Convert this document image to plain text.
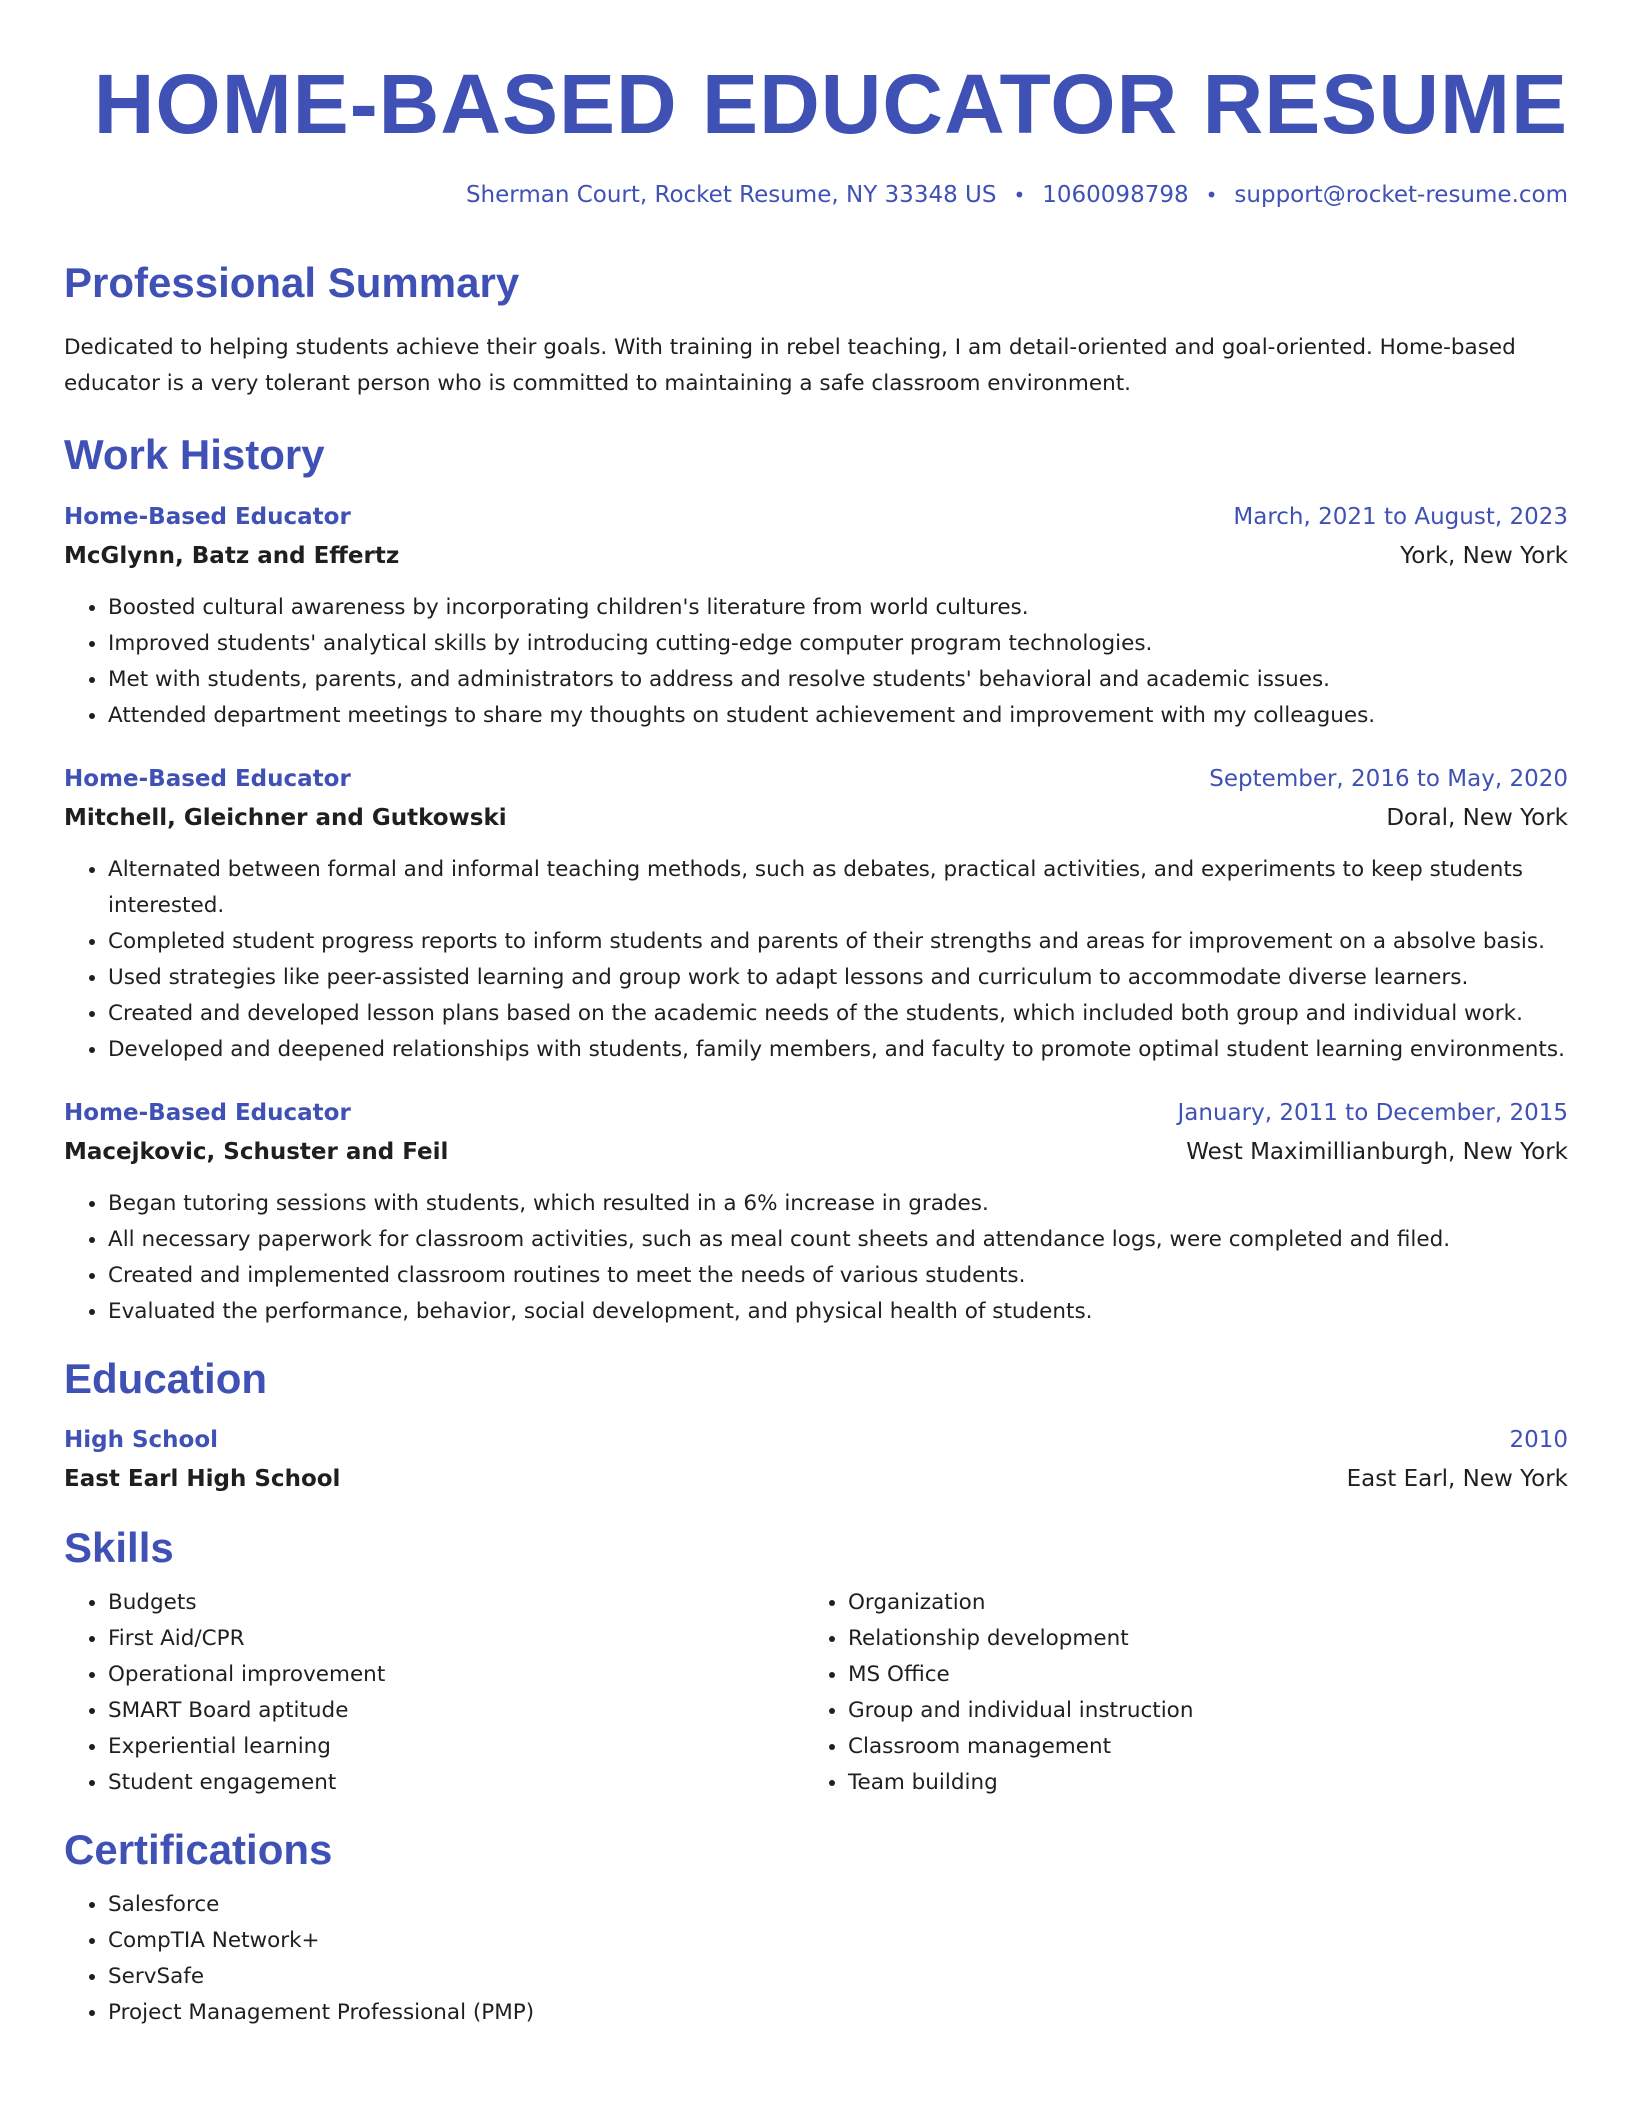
HOME-BASED EDUCATOR RESUME
Sherman Court, Rocket Resume, NY 33348 US • 1060098798 • support@rocket-resume.com
Professional Summary

Dedicated to helping students achieve their goals. With training in rebel teaching, I am detail-oriented and goal-oriented. Home-based educator is a very tolerant person who is committed to maintaining a safe classroom environment.

Work History
Home-Based Educator	March, 2021 to August, 2023
McGlynn, Batz and Effertz	York, New York
• Boosted cultural awareness by incorporating children's literature from world cultures.
• Improved students' analytical skills by introducing cutting-edge computer program technologies.
• Met with students, parents, and administrators to address and resolve students' behavioral and academic issues.
• Attended department meetings to share my thoughts on student achievement and improvement with my colleagues.
Home-Based Educator	September, 2016 to May, 2020
Mitchell, Gleichner and Gutkowski	Doral, New York
• Alternated between formal and informal teaching methods, such as debates, practical activities, and experiments to keep students interested.
• Completed student progress reports to inform students and parents of their strengths and areas for improvement on a absolve basis.
• Used strategies like peer-assisted learning and group work to adapt lessons and curriculum to accommodate diverse learners.
• Created and developed lesson plans based on the academic needs of the students, which included both group and individual work.
• Developed and deepened relationships with students, family members, and faculty to promote optimal student learning environments.
Home-Based Educator	January, 2011 to December, 2015
Macejkovic, Schuster and Feil	West Maximillianburgh, New York
• Began tutoring sessions with students, which resulted in a 6% increase in grades.
• All necessary paperwork for classroom activities, such as meal count sheets and attendance logs, were completed and filed.
• Created and implemented classroom routines to meet the needs of various students.
• Evaluated the performance, behavior, social development, and physical health of students.
Education
High School	2010
East Earl High School	East Earl, New York
Skills
• Budgets
• First Aid/CPR
• Operational improvement
• SMART Board aptitude
• Experiential learning
• Student engagement
• Organization
• Relationship development
• MS Office
• Group and individual instruction
• Classroom management
• Team building
Certifications
• Salesforce
• CompTIA Network+
• ServSafe
• Project Management Professional (PMP)
